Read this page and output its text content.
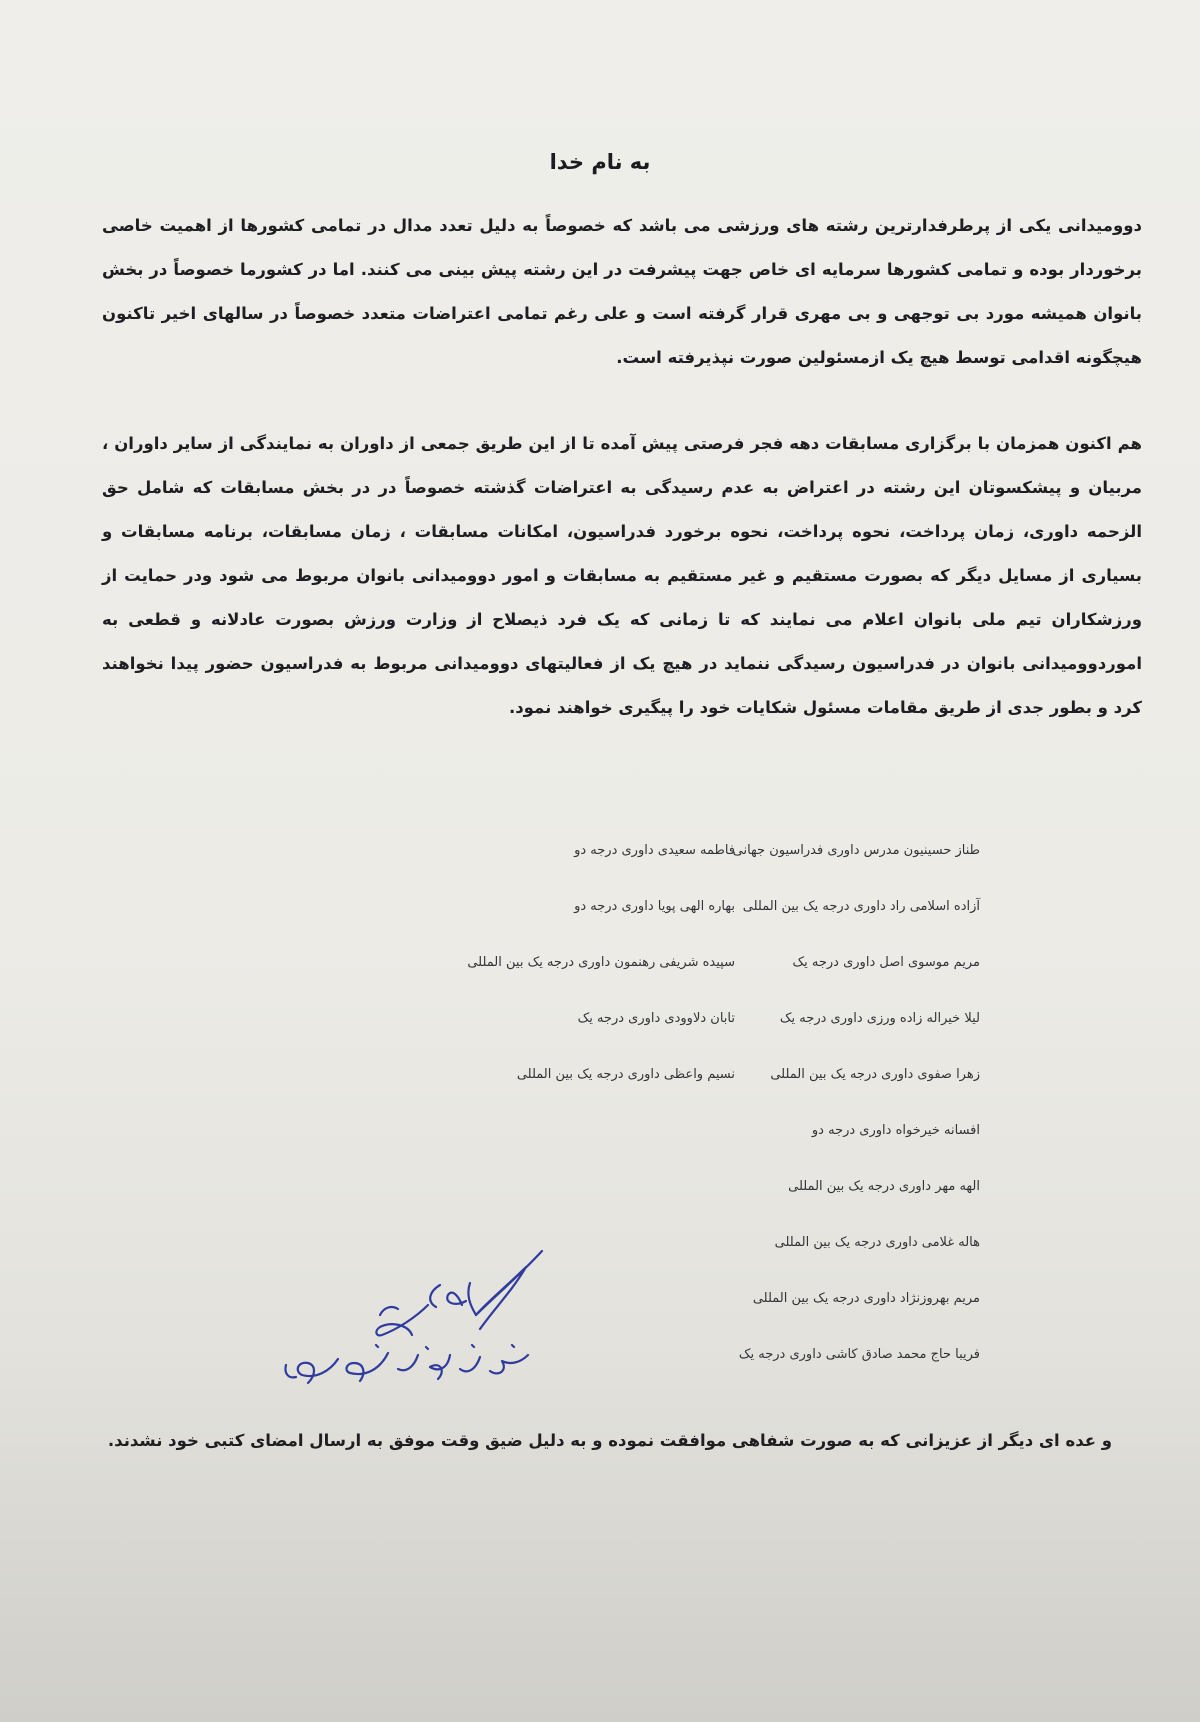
به نام خدا

دوومیدانی یکی از پرطرفدارترین رشته های ورزشی می باشد که خصوصاً به دلیل تعدد مدال در تمامی کشورها از اهمیت خاصی برخوردار بوده و تمامی کشورها سرمایه ای خاص جهت پیشرفت در این رشته پیش بینی می کنند. اما در کشورما خصوصاً در بخش بانوان همیشه مورد بی توجهی و بی مهری قرار گرفته است و علی رغم تمامی اعتراضات متعدد خصوصاً در سالهای اخیر تاکنون هیچگونه اقدامی توسط هیچ یک ازمسئولین صورت نپذیرفته است.

هم اکنون همزمان با برگزاری مسابقات دهه فجر فرصتی پیش آمده تا از این طریق جمعی از داوران به نمایندگی از سایر داوران ، مربیان و پیشکسوتان این رشته در اعتراض به عدم رسیدگی به اعتراضات گذشته خصوصاً در در بخش مسابقات که شامل حق الزحمه داوری، زمان پرداخت، نحوه پرداخت، نحوه برخورد فدراسیون، امکانات مسابقات ، زمان مسابقات، برنامه مسابقات و بسیاری از مسایل دیگر که بصورت مستقیم و غیر مستقیم به مسابقات و امور دوومیدانی بانوان مربوط می شود ودر حمایت از ورزشکاران تیم ملی بانوان اعلام می نمایند که تا زمانی که یک فرد ذیصلاح از وزارت ورزش بصورت عادلانه و قطعی به اموردوومیدانی بانوان در فدراسیون رسیدگی ننماید در هیچ یک از فعالیتهای دوومیدانی مربوط به فدراسیون حضور پیدا نخواهند کرد و بطور جدی از طریق مقامات مسئول شکایات خود را پیگیری خواهند نمود.

طناز حسینیون مدرس داوری فدراسیون جهانی
آزاده اسلامی راد داوری درجه یک بین المللی
مریم موسوی اصل داوری درجه یک
لیلا خیراله زاده ورزی داوری درجه یک
زهرا صفوی داوری درجه یک بین المللی
افسانه خیرخواه داوری درجه دو
الهه مهر داوری درجه یک بین المللی
هاله غلامی داوری درجه یک بین المللی
مریم بهروزنژاد داوری درجه یک بین المللی
فریبا حاج محمد صادق کاشی داوری درجه یک
فاطمه سعیدی داوری درجه دو
بهاره الهی پویا داوری درجه دو
سپیده شریفی رهنمون داوری درجه یک بین المللی
تابان دلاوودی داوری درجه یک
نسیم واعظی داوری درجه یک بین المللی
طناز حسینیون به نمایندگی از دیگر عزیزان

و عده ای دیگر از عزیزانی که به صورت شفاهی موافقت نموده و به دلیل ضیق وقت موفق به ارسال امضای کتبی خود نشدند.
